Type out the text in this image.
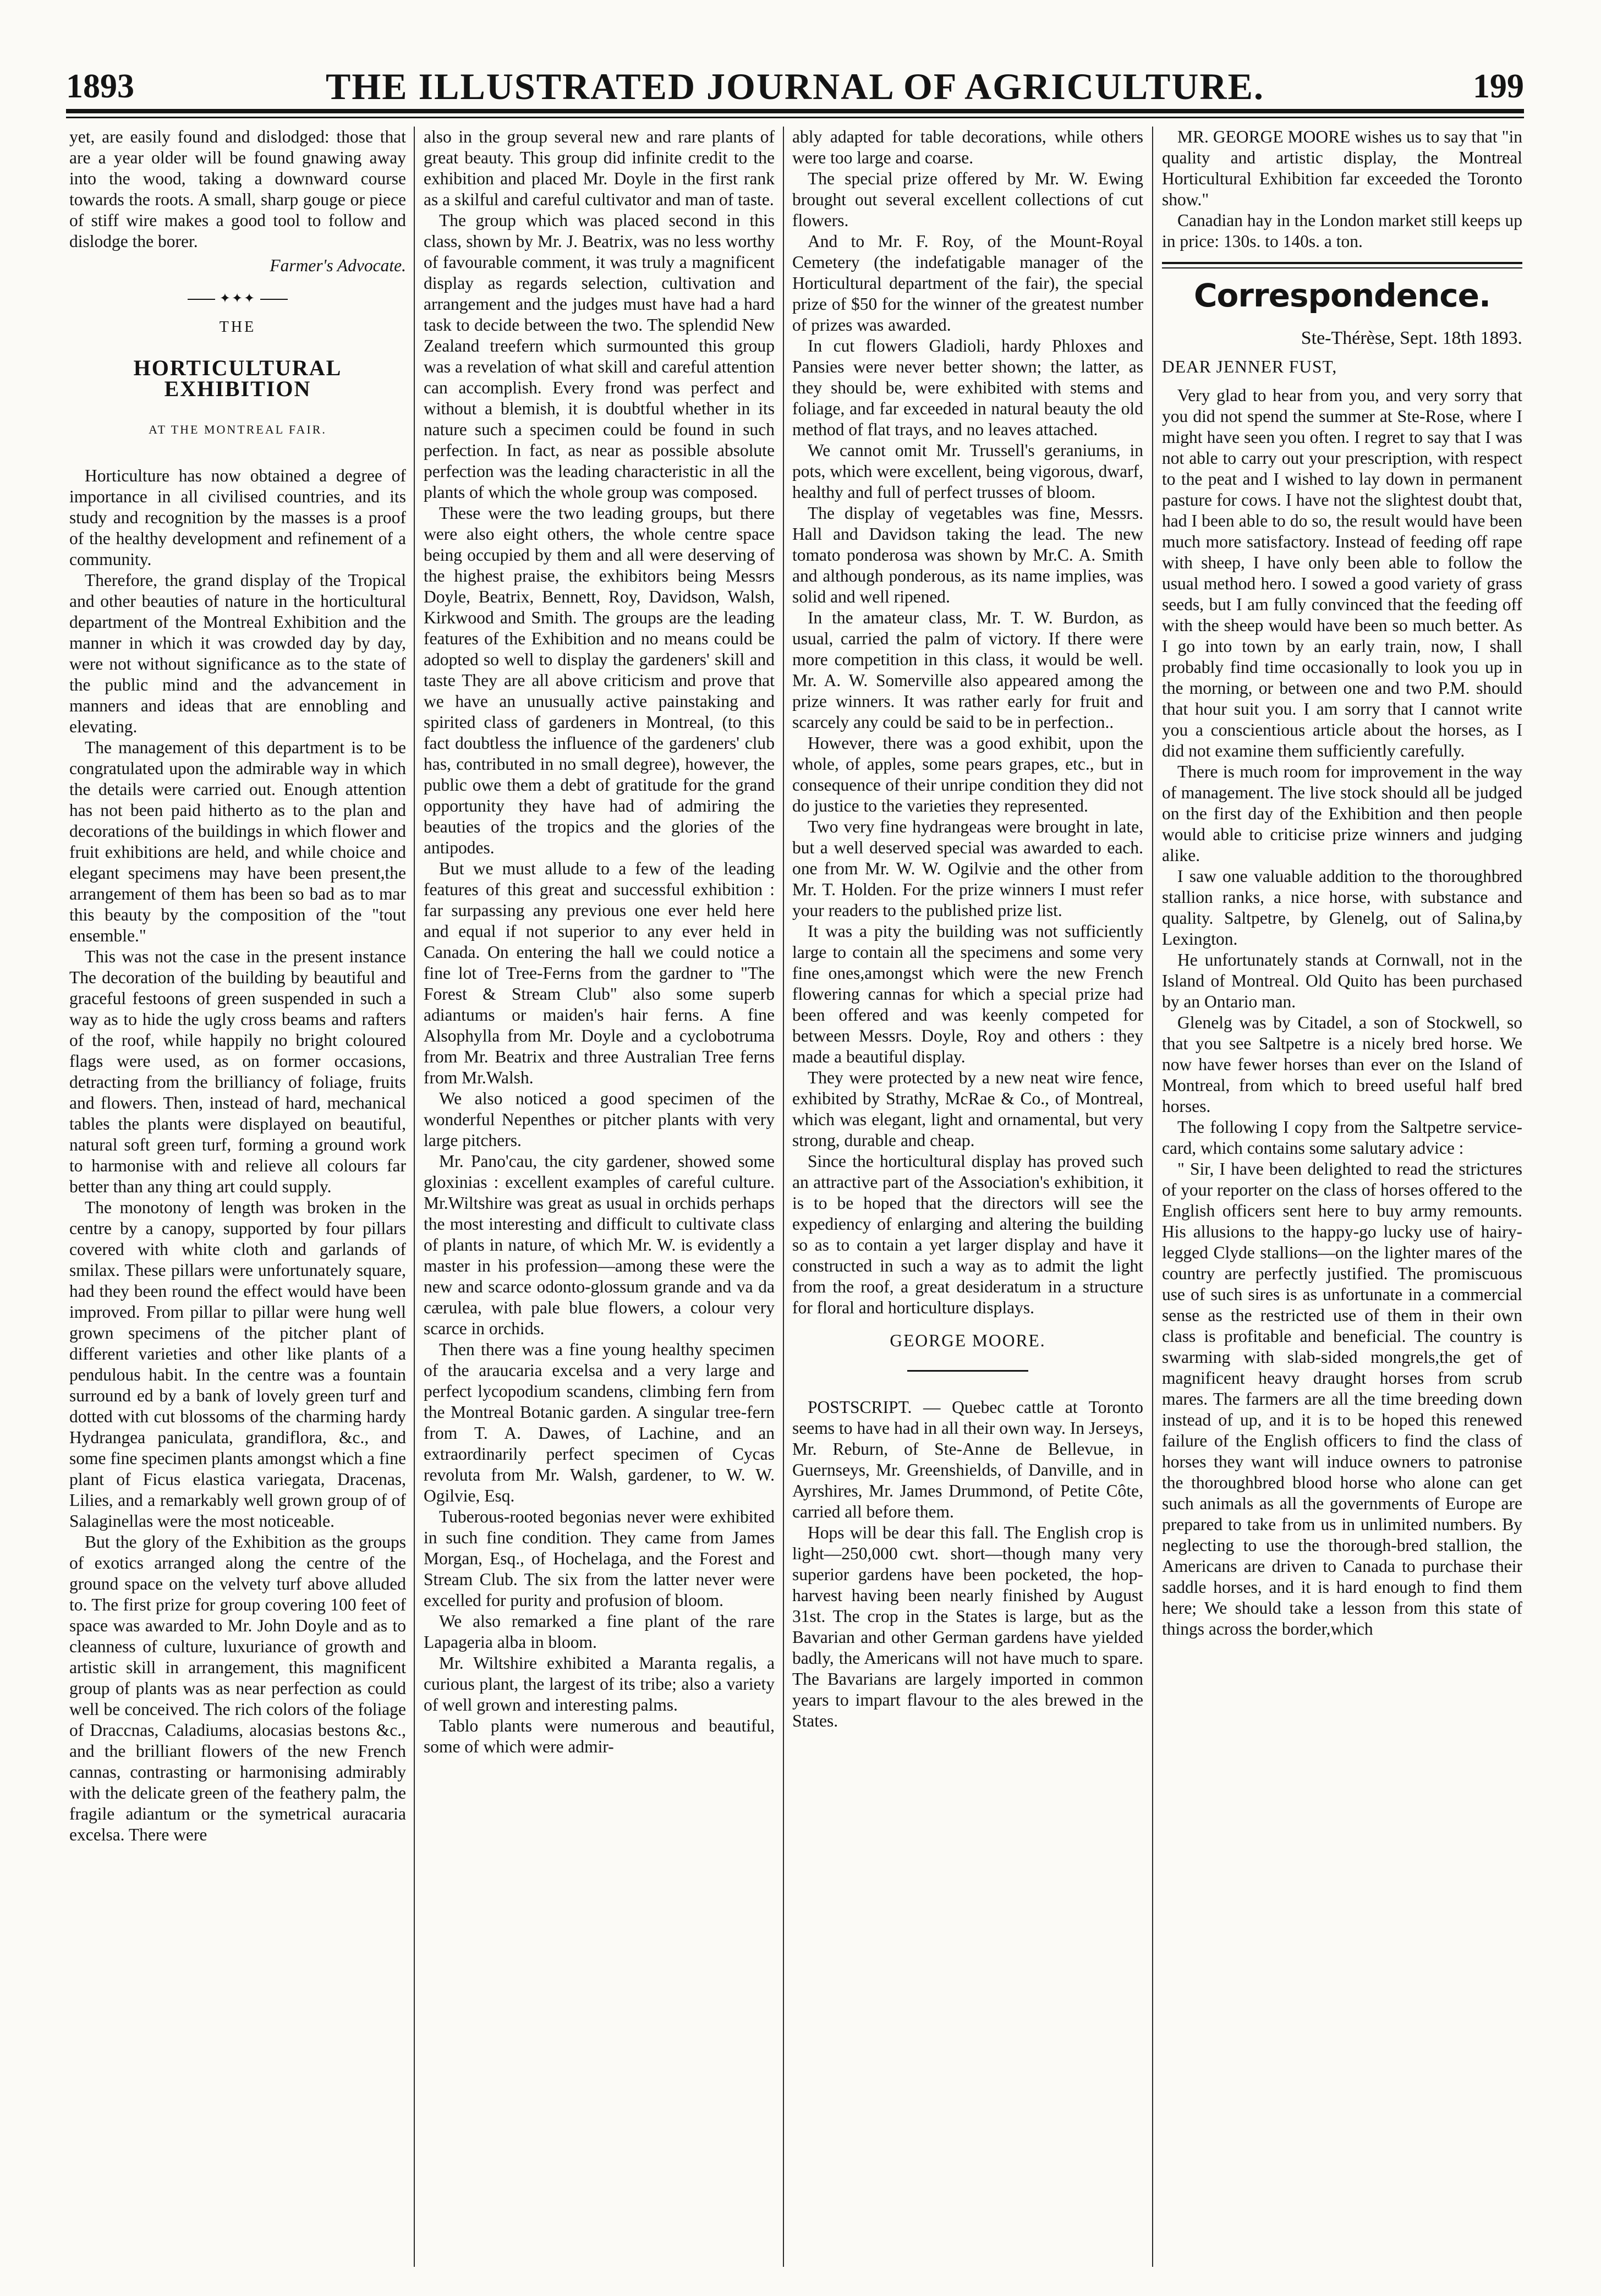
1893	THE ILLUSTRATED JOURNAL OF AGRICULTURE.	199

yet, are easily found and dislodged: those that are a year older will be found gnawing away into the wood, taking a downward course towards the roots. A small, sharp gouge or piece of stiff wire makes a good tool to follow and dislodge the borer.

Farmer's Advocate.

✦✦✦
THE
HORTICULTURAL EXHIBITION
AT THE MONTREAL FAIR.

Horticulture has now obtained a degree of importance in all civilised countries, and its study and recognition by the masses is a proof of the healthy development and refinement of a community.

Therefore, the grand display of the Tropical and other beauties of nature in the horticultural department of the Montreal Exhibition and the manner in which it was crowded day by day, were not without significance as to the state of the public mind and the advancement in manners and ideas that are ennobling and elevating.

The management of this department is to be congratulated upon the admirable way in which the details were carried out. Enough attention has not been paid hitherto as to the plan and decorations of the buildings in which flower and fruit exhibitions are held, and while choice and elegant specimens may have been present,the arrangement of them has been so bad as to mar this beauty by the composition of the "tout ensemble."

This was not the case in the present instance The decoration of the building by beautiful and graceful festoons of green suspended in such a way as to hide the ugly cross beams and rafters of the roof, while happily no bright coloured flags were used, as on former occasions, detracting from the brilliancy of foliage, fruits and flowers. Then, instead of hard, mechanical tables the plants were displayed on beautiful, natural soft green turf, forming a ground work to harmonise with and relieve all colours far better than any thing art could supply.

The monotony of length was broken in the centre by a canopy, supported by four pillars covered with white cloth and garlands of smilax. These pillars were unfortunately square, had they been round the effect would have been improved. From pillar to pillar were hung well grown specimens of the pitcher plant of different varieties and other like plants of a pendulous habit. In the centre was a fountain surround ed by a bank of lovely green turf and dotted with cut blossoms of the charming hardy Hydrangea paniculata, grandiflora, &c., and some fine specimen plants amongst which a fine plant of Ficus elastica variegata, Dracenas, Lilies, and a remarkably well grown group of of Salaginellas were the most noticeable.

But the glory of the Exhibition as the groups of exotics arranged along the centre of the ground space on the velvety turf above alluded to. The first prize for group covering 100 feet of space was awarded to Mr. John Doyle and as to cleanness of culture, luxuriance of growth and artistic skill in arrangement, this magnificent group of plants was as near perfection as could well be conceived. The rich colors of the foliage of Draccnas, Caladiums, alocasias bestons &c., and the brilliant flowers of the new French cannas, contrasting or harmonising admirably with the delicate green of the feathery palm, the fragile adiantum or the symetrical auracaria excelsa. There were

also in the group several new and rare plants of great beauty. This group did infinite credit to the exhibition and placed Mr. Doyle in the first rank as a skilful and careful cultivator and man of taste.

The group which was placed second in this class, shown by Mr. J. Beatrix, was no less worthy of favourable comment, it was truly a magnificent display as regards selection, cultivation and arrangement and the judges must have had a hard task to decide between the two. The splendid New Zealand treefern which surmounted this group was a revelation of what skill and careful attention can accomplish. Every frond was perfect and without a blemish, it is doubtful whether in its nature such a specimen could be found in such perfection. In fact, as near as possible absolute perfection was the leading characteristic in all the plants of which the whole group was composed.

These were the two leading groups, but there were also eight others, the whole centre space being occupied by them and all were deserving of the highest praise, the exhibitors being Messrs Doyle, Beatrix, Bennett, Roy, Davidson, Walsh, Kirkwood and Smith. The groups are the leading features of the Exhibition and no means could be adopted so well to display the gardeners' skill and taste They are all above criticism and prove that we have an unusually active painstaking and spirited class of gardeners in Montreal, (to this fact doubtless the influence of the gardeners' club has, contributed in no small degree), however, the public owe them a debt of gratitude for the grand opportunity they have had of admiring the beauties of the tropics and the glories of the antipodes.

But we must allude to a few of the leading features of this great and successful exhibition : far surpassing any previous one ever held here and equal if not superior to any ever held in Canada. On entering the hall we could notice a fine lot of Tree-Ferns from the gardner to "The Forest & Stream Club" also some superb adiantums or maiden's hair ferns. A fine Alsophylla from Mr. Doyle and a cyclobotruma from Mr. Beatrix and three Australian Tree ferns from Mr.Walsh.

We also noticed a good specimen of the wonderful Nepenthes or pitcher plants with very large pitchers.

Mr. Pano'cau, the city gardener, showed some gloxinias : excellent examples of careful culture. Mr.Wiltshire was great as usual in orchids perhaps the most interesting and difficult to cultivate class of plants in nature, of which Mr. W. is evidently a master in his profession—among these were the new and scarce odonto-glossum grande and va da cærulea, with pale blue flowers, a colour very scarce in orchids.

Then there was a fine young healthy specimen of the araucaria excelsa and a very large and perfect lycopodium scandens, climbing fern from the Montreal Botanic garden. A singular tree-fern from T. A. Dawes, of Lachine, and an extraordinarily perfect specimen of Cycas revoluta from Mr. Walsh, gardener, to W. W. Ogilvie, Esq.

Tuberous-rooted begonias never were exhibited in such fine condition. They came from James Morgan, Esq., of Hochelaga, and the Forest and Stream Club. The six from the latter never were excelled for purity and profusion of bloom.

We also remarked a fine plant of the rare Lapageria alba in bloom.

Mr. Wiltshire exhibited a Maranta regalis, a curious plant, the largest of its tribe; also a variety of well grown and interesting palms.

Tablo plants were numerous and beautiful, some of which were admir-

ably adapted for table decorations, while others were too large and coarse.

The special prize offered by Mr. W. Ewing brought out several excellent collections of cut flowers.

And to Mr. F. Roy, of the Mount-Royal Cemetery (the indefatigable manager of the Horticultural department of the fair), the special prize of $50 for the winner of the greatest number of prizes was awarded.

In cut flowers Gladioli, hardy Phloxes and Pansies were never better shown; the latter, as they should be, were exhibited with stems and foliage, and far exceeded in natural beauty the old method of flat trays, and no leaves attached.

We cannot omit Mr. Trussell's geraniums, in pots, which were excellent, being vigorous, dwarf, healthy and full of perfect trusses of bloom.

The display of vegetables was fine, Messrs. Hall and Davidson taking the lead. The new tomato ponderosa was shown by Mr.C. A. Smith and although ponderous, as its name implies, was solid and well ripened.

In the amateur class, Mr. T. W. Burdon, as usual, carried the palm of victory. If there were more competition in this class, it would be well. Mr. A. W. Somerville also appeared among the prize winners. It was rather early for fruit and scarcely any could be said to be in perfection..

However, there was a good exhibit, upon the whole, of apples, some pears grapes, etc., but in consequence of their unripe condition they did not do justice to the varieties they represented.

Two very fine hydrangeas were brought in late, but a well deserved special was awarded to each. one from Mr. W. W. Ogilvie and the other from Mr. T. Holden. For the prize winners I must refer your readers to the published prize list.

It was a pity the building was not sufficiently large to contain all the specimens and some very fine ones,amongst which were the new French flowering cannas for which a special prize had been offered and was keenly competed for between Messrs. Doyle, Roy and others : they made a beautiful display.

They were protected by a new neat wire fence, exhibited by Strathy, McRae & Co., of Montreal, which was elegant, light and ornamental, but very strong, durable and cheap.

Since the horticultural display has proved such an attractive part of the Association's exhibition, it is to be hoped that the directors will see the expediency of enlarging and altering the building so as to contain a yet larger display and have it constructed in such a way as to admit the light from the roof, a great desideratum in a structure for floral and horticulture displays.

GEORGE MOORE.

POSTSCRIPT. — Quebec cattle at Toronto seems to have had in all their own way. In Jerseys, Mr. Reburn, of Ste-Anne de Bellevue, in Guernseys, Mr. Greenshields, of Danville, and in Ayrshires, Mr. James Drummond, of Petite Côte, carried all before them.

Hops will be dear this fall. The English crop is light—250,000 cwt. short—though many very superior gardens have been pocketed, the hop-harvest having been nearly finished by August 31st. The crop in the States is large, but as the Bavarian and other German gardens have yielded badly, the Americans will not have much to spare. The Bavarians are largely imported in common years to impart flavour to the ales brewed in the States.

MR. GEORGE MOORE wishes us to say that "in quality and artistic display, the Montreal Horticultural Exhibition far exceeded the Toronto show."

Canadian hay in the London market still keeps up in price: 130s. to 140s. a ton.

Correspondence.

Ste-Thérèse, Sept. 18th 1893.

DEAR JENNER FUST,

Very glad to hear from you, and very sorry that you did not spend the summer at Ste-Rose, where I might have seen you often. I regret to say that I was not able to carry out your prescription, with respect to the peat and I wished to lay down in permanent pasture for cows. I have not the slightest doubt that, had I been able to do so, the result would have been much more satisfactory. Instead of feeding off rape with sheep, I have only been able to follow the usual method hero. I sowed a good variety of grass seeds, but I am fully convinced that the feeding off with the sheep would have been so much better. As I go into town by an early train, now, I shall probably find time occasionally to look you up in the morning, or between one and two P.M. should that hour suit you. I am sorry that I cannot write you a conscientious article about the horses, as I did not examine them sufficiently carefully.

There is much room for improvement in the way of management. The live stock should all be judged on the first day of the Exhibition and then people would able to criticise prize winners and judging alike.

I saw one valuable addition to the thoroughbred stallion ranks, a nice horse, with substance and quality. Saltpetre, by Glenelg, out of Salina,by Lexington.

He unfortunately stands at Cornwall, not in the Island of Montreal. Old Quito has been purchased by an Ontario man.

Glenelg was by Citadel, a son of Stockwell, so that you see Saltpetre is a nicely bred horse. We now have fewer horses than ever on the Island of Montreal, from which to breed useful half bred horses.

The following I copy from the Saltpetre service-card, which contains some salutary advice :

" Sir, I have been delighted to read the strictures of your reporter on the class of horses offered to the English officers sent here to buy army remounts. His allusions to the happy-go lucky use of hairy-legged Clyde stallions—on the lighter mares of the country are perfectly justified. The promiscuous use of such sires is as unfortunate in a commercial sense as the restricted use of them in their own class is profitable and beneficial. The country is swarming with slab-sided mongrels,the get of magnificent heavy draught horses from scrub mares. The farmers are all the time breeding down instead of up, and it is to be hoped this renewed failure of the English officers to find the class of horses they want will induce owners to patronise the thoroughbred blood horse who alone can get such animals as all the governments of Europe are prepared to take from us in unlimited numbers. By neglecting to use the thorough-bred stallion, the Americans are driven to Canada to purchase their saddle horses, and it is hard enough to find them here; We should take a lesson from this state of things across the border,which
